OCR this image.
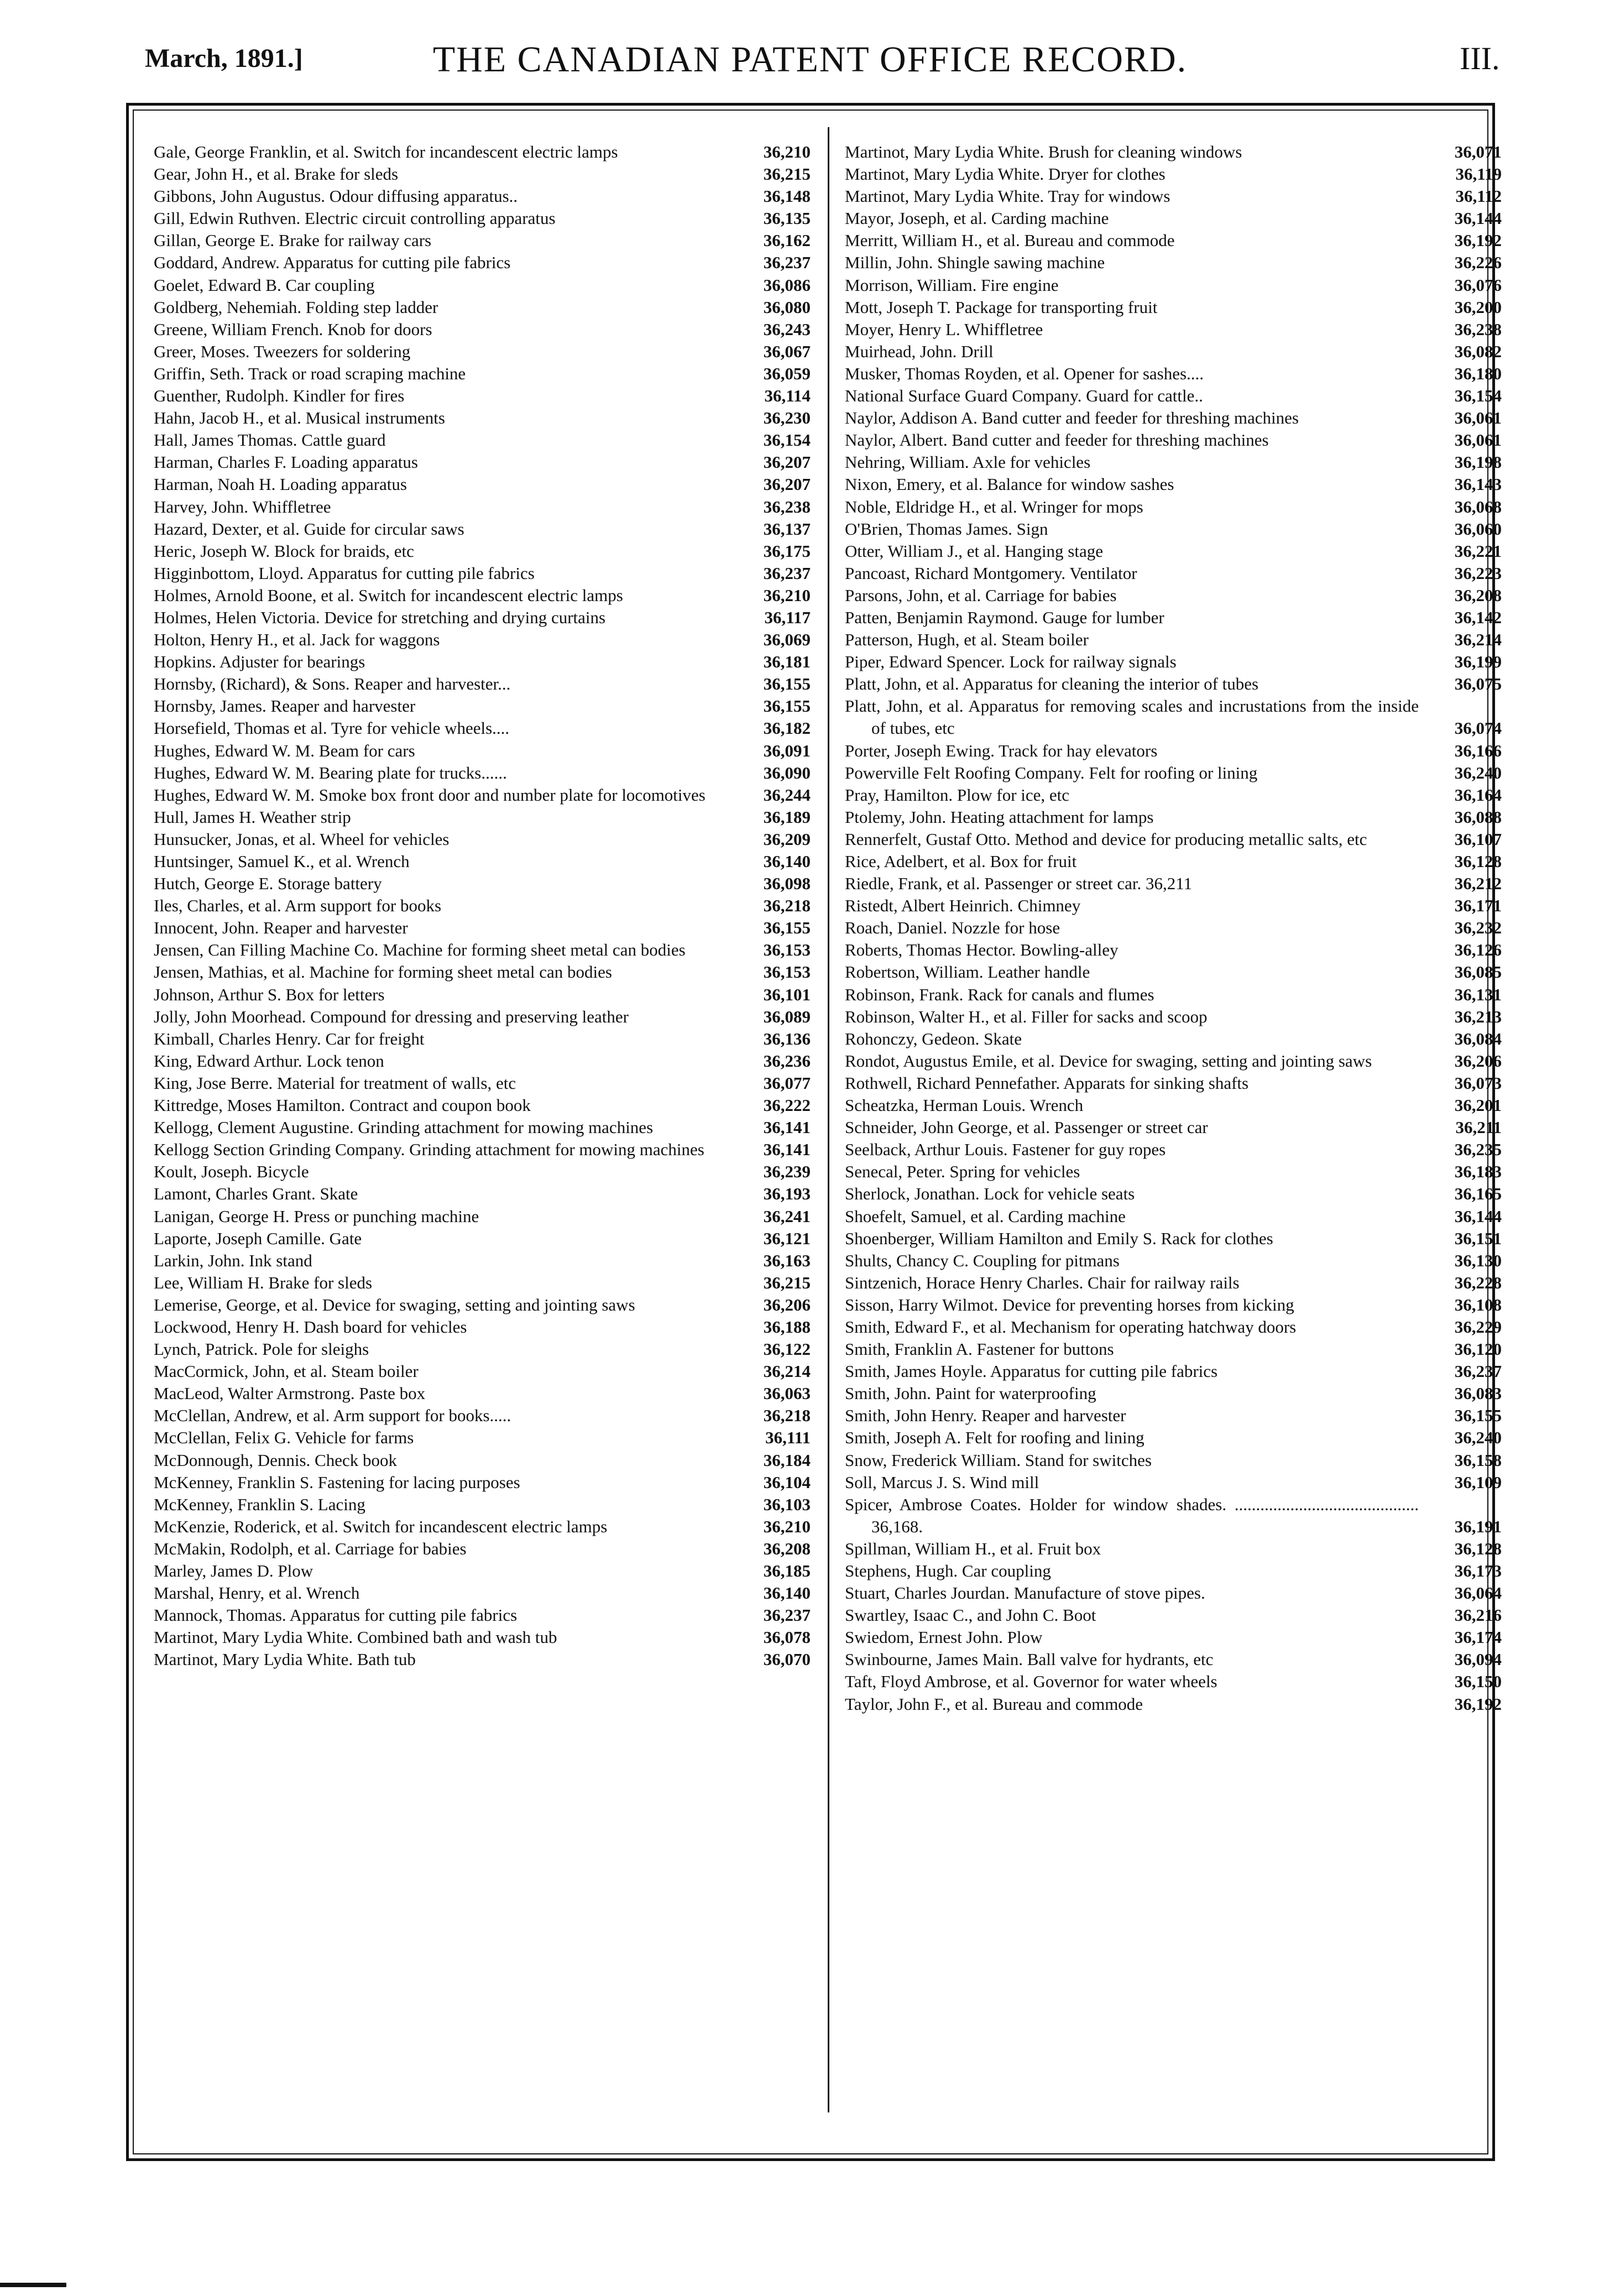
March, 1891.]	THE CANADIAN PATENT OFFICE RECORD.	III.
Gale, George Franklin, et al. Switch for incandescent electric lamps	36,210
Gear, John H., et al. Brake for sleds	36,215
Gibbons, John Augustus. Odour diffusing apparatus..	36,148
Gill, Edwin Ruthven. Electric circuit controlling apparatus	36,135
Gillan, George E. Brake for railway cars	36,162
Goddard, Andrew. Apparatus for cutting pile fabrics	36,237
Goelet, Edward B. Car coupling	36,086
Goldberg, Nehemiah. Folding step ladder	36,080
Greene, William French. Knob for doors	36,243
Greer, Moses. Tweezers for soldering	36,067
Griffin, Seth. Track or road scraping machine	36,059
Guenther, Rudolph. Kindler for fires	36,114
Hahn, Jacob H., et al. Musical instruments	36,230
Hall, James Thomas. Cattle guard	36,154
Harman, Charles F. Loading apparatus	36,207
Harman, Noah H. Loading apparatus	36,207
Harvey, John. Whiffletree	36,238
Hazard, Dexter, et al. Guide for circular saws	36,137
Heric, Joseph W. Block for braids, etc	36,175
Higginbottom, Lloyd. Apparatus for cutting pile fabrics	36,237
Holmes, Arnold Boone, et al. Switch for incandescent electric lamps	36,210
Holmes, Helen Victoria. Device for stretching and drying curtains	36,117
Holton, Henry H., et al. Jack for waggons	36,069
Hopkins. Adjuster for bearings	36,181
Hornsby, (Richard), & Sons. Reaper and harvester...	36,155
Hornsby, James. Reaper and harvester	36,155
Horsefield, Thomas et al. Tyre for vehicle wheels....	36,182
Hughes, Edward W. M. Beam for cars	36,091
Hughes, Edward W. M. Bearing plate for trucks......	36,090
Hughes, Edward W. M. Smoke box front door and number plate for locomotives	36,244
Hull, James H. Weather strip	36,189
Hunsucker, Jonas, et al. Wheel for vehicles	36,209
Huntsinger, Samuel K., et al. Wrench	36,140
Hutch, George E. Storage battery	36,098
Iles, Charles, et al. Arm support for books	36,218
Innocent, John. Reaper and harvester	36,155
Jensen, Can Filling Machine Co. Machine for forming sheet metal can bodies	36,153
Jensen, Mathias, et al. Machine for forming sheet metal can bodies	36,153
Johnson, Arthur S. Box for letters	36,101
Jolly, John Moorhead. Compound for dressing and preserving leather	36,089
Kimball, Charles Henry. Car for freight	36,136
King, Edward Arthur. Lock tenon	36,236
King, Jose Berre. Material for treatment of walls, etc	36,077
Kittredge, Moses Hamilton. Contract and coupon book	36,222
Kellogg, Clement Augustine. Grinding attachment for mowing machines	36,141
Kellogg Section Grinding Company. Grinding attachment for mowing machines	36,141
Koult, Joseph. Bicycle	36,239
Lamont, Charles Grant. Skate	36,193
Lanigan, George H. Press or punching machine	36,241
Laporte, Joseph Camille. Gate	36,121
Larkin, John. Ink stand	36,163
Lee, William H. Brake for sleds	36,215
Lemerise, George, et al. Device for swaging, setting and jointing saws	36,206
Lockwood, Henry H. Dash board for vehicles	36,188
Lynch, Patrick. Pole for sleighs	36,122
MacCormick, John, et al. Steam boiler	36,214
MacLeod, Walter Armstrong. Paste box	36,063
McClellan, Andrew, et al. Arm support for books.....	36,218
McClellan, Felix G. Vehicle for farms	36,111
McDonnough, Dennis. Check book	36,184
McKenney, Franklin S. Fastening for lacing purposes	36,104
McKenney, Franklin S. Lacing	36,103
McKenzie, Roderick, et al. Switch for incandescent electric lamps	36,210
McMakin, Rodolph, et al. Carriage for babies	36,208
Marley, James D. Plow	36,185
Marshal, Henry, et al. Wrench	36,140
Mannock, Thomas. Apparatus for cutting pile fabrics	36,237
Martinot, Mary Lydia White. Combined bath and wash tub	36,078
Martinot, Mary Lydia White. Bath tub	36,070
Martinot, Mary Lydia White. Brush for cleaning windows	36,071
Martinot, Mary Lydia White. Dryer for clothes	36,119
Martinot, Mary Lydia White. Tray for windows	36,112
Mayor, Joseph, et al. Carding machine	36,144
Merritt, William H., et al. Bureau and commode	36,192
Millin, John. Shingle sawing machine	36,226
Morrison, William. Fire engine	36,076
Mott, Joseph T. Package for transporting fruit	36,200
Moyer, Henry L. Whiffletree	36,238
Muirhead, John. Drill	36,082
Musker, Thomas Royden, et al. Opener for sashes....	36,180
National Surface Guard Company. Guard for cattle..	36,154
Naylor, Addison A. Band cutter and feeder for threshing machines	36,061
Naylor, Albert. Band cutter and feeder for threshing machines	36,061
Nehring, William. Axle for vehicles	36,198
Nixon, Emery, et al. Balance for window sashes	36,143
Noble, Eldridge H., et al. Wringer for mops	36,068
O'Brien, Thomas James. Sign	36,060
Otter, William J., et al. Hanging stage	36,221
Pancoast, Richard Montgomery. Ventilator	36,223
Parsons, John, et al. Carriage for babies	36,208
Patten, Benjamin Raymond. Gauge for lumber	36,142
Patterson, Hugh, et al. Steam boiler	36,214
Piper, Edward Spencer. Lock for railway signals	36,199
Platt, John, et al. Apparatus for cleaning the interior of tubes	36,075
Platt, John, et al. Apparatus for removing scales and incrustations from the inside of tubes, etc	36,074
Porter, Joseph Ewing. Track for hay elevators	36,166
Powerville Felt Roofing Company. Felt for roofing or lining	36,240
Pray, Hamilton. Plow for ice, etc	36,164
Ptolemy, John. Heating attachment for lamps	36,088
Rennerfelt, Gustaf Otto. Method and device for producing metallic salts, etc	36,107
Rice, Adelbert, et al. Box for fruit	36,128
Riedle, Frank, et al. Passenger or street car. 36,211	36,212
Ristedt, Albert Heinrich. Chimney	36,171
Roach, Daniel. Nozzle for hose	36,232
Roberts, Thomas Hector. Bowling-alley	36,126
Robertson, William. Leather handle	36,085
Robinson, Frank. Rack for canals and flumes	36,131
Robinson, Walter H., et al. Filler for sacks and scoop	36,213
Rohonczy, Gedeon. Skate	36,084
Rondot, Augustus Emile, et al. Device for swaging, setting and jointing saws	36,206
Rothwell, Richard Pennefather. Apparats for sinking shafts	36,073
Scheatzka, Herman Louis. Wrench	36,201
Schneider, John George, et al. Passenger or street car	36,211
Seelback, Arthur Louis. Fastener for guy ropes	36,235
Senecal, Peter. Spring for vehicles	36,183
Sherlock, Jonathan. Lock for vehicle seats	36,165
Shoefelt, Samuel, et al. Carding machine	36,144
Shoenberger, William Hamilton and Emily S. Rack for clothes	36,151
Shults, Chancy C. Coupling for pitmans	36,130
Sintzenich, Horace Henry Charles. Chair for railway rails	36,228
Sisson, Harry Wilmot. Device for preventing horses from kicking	36,108
Smith, Edward F., et al. Mechanism for operating hatchway doors	36,229
Smith, Franklin A. Fastener for buttons	36,120
Smith, James Hoyle. Apparatus for cutting pile fabrics	36,237
Smith, John. Paint for waterproofing	36,083
Smith, John Henry. Reaper and harvester	36,155
Smith, Joseph A. Felt for roofing and lining	36,240
Snow, Frederick William. Stand for switches	36,158
Soll, Marcus J. S. Wind mill	36,109
Spicer, Ambrose Coates. Holder for window shades. ........................................... 36,168.	36,191
Spillman, William H., et al. Fruit box	36,128
Stephens, Hugh. Car coupling	36,173
Stuart, Charles Jourdan. Manufacture of stove pipes.	36,064
Swartley, Isaac C., and John C. Boot	36,216
Swiedom, Ernest John. Plow	36,174
Swinbourne, James Main. Ball valve for hydrants, etc	36,094
Taft, Floyd Ambrose, et al. Governor for water wheels	36,150
Taylor, John F., et al. Bureau and commode	36,192
